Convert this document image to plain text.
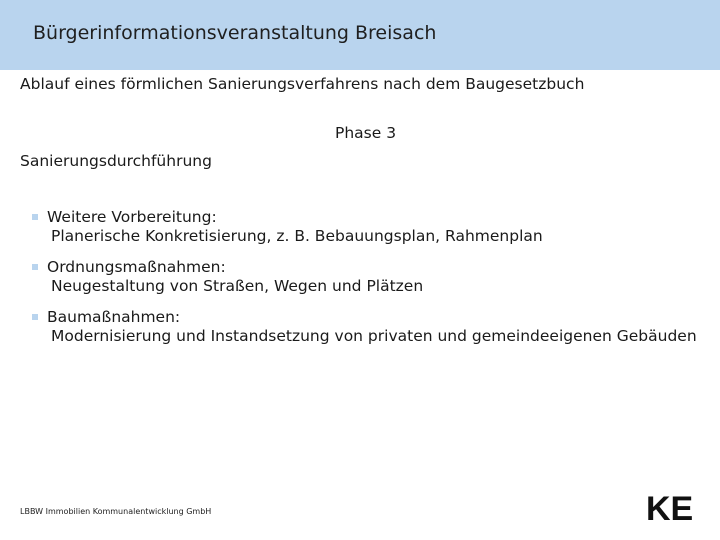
Bürgerinformationsveranstaltung Breisach
Ablauf eines förmlichen Sanierungsverfahrens nach dem Baugesetzbuch
Phase 3
Sanierungsdurchführung
Weitere Vorbereitung:
Planerische Konkretisierung, z. B. Bebauungsplan, Rahmenplan
Ordnungsmaßnahmen:
Neugestaltung von Straßen, Wegen und Plätzen
Baumaßnahmen:
Modernisierung und Instandsetzung von privaten und gemeindeeigenen Gebäuden
LBBW Immobilien Kommunalentwicklung GmbH	KE
